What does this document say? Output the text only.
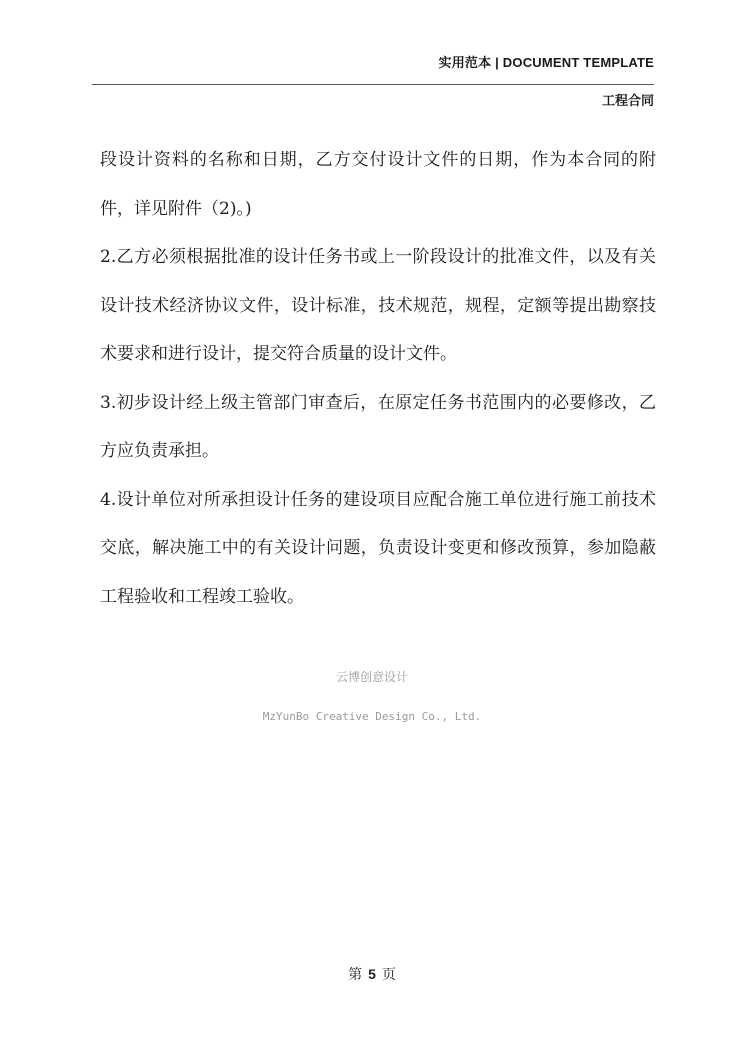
实用范本 | DOCUMENT TEMPLATE
工程合同

段设计资料的名称和日期，乙方交付设计文件的日期，作为本合同的附件，详见附件（2)。)

2.乙方必须根据批准的设计任务书或上一阶段设计的批准文件，以及有关设计技术经济协议文件，设计标准，技术规范，规程，定额等提出勘察技术要求和进行设计，提交符合质量的设计文件。

3.初步设计经上级主管部门审查后，在原定任务书范围内的必要修改，乙方应负责承担。

4.设计单位对所承担设计任务的建设项目应配合施工单位进行施工前技术交底，解决施工中的有关设计问题，负责设计变更和修改预算，参加隐蔽工程验收和工程竣工验收。

云博创意设计
MzYunBo Creative Design Co., Ltd.
第 5 页
